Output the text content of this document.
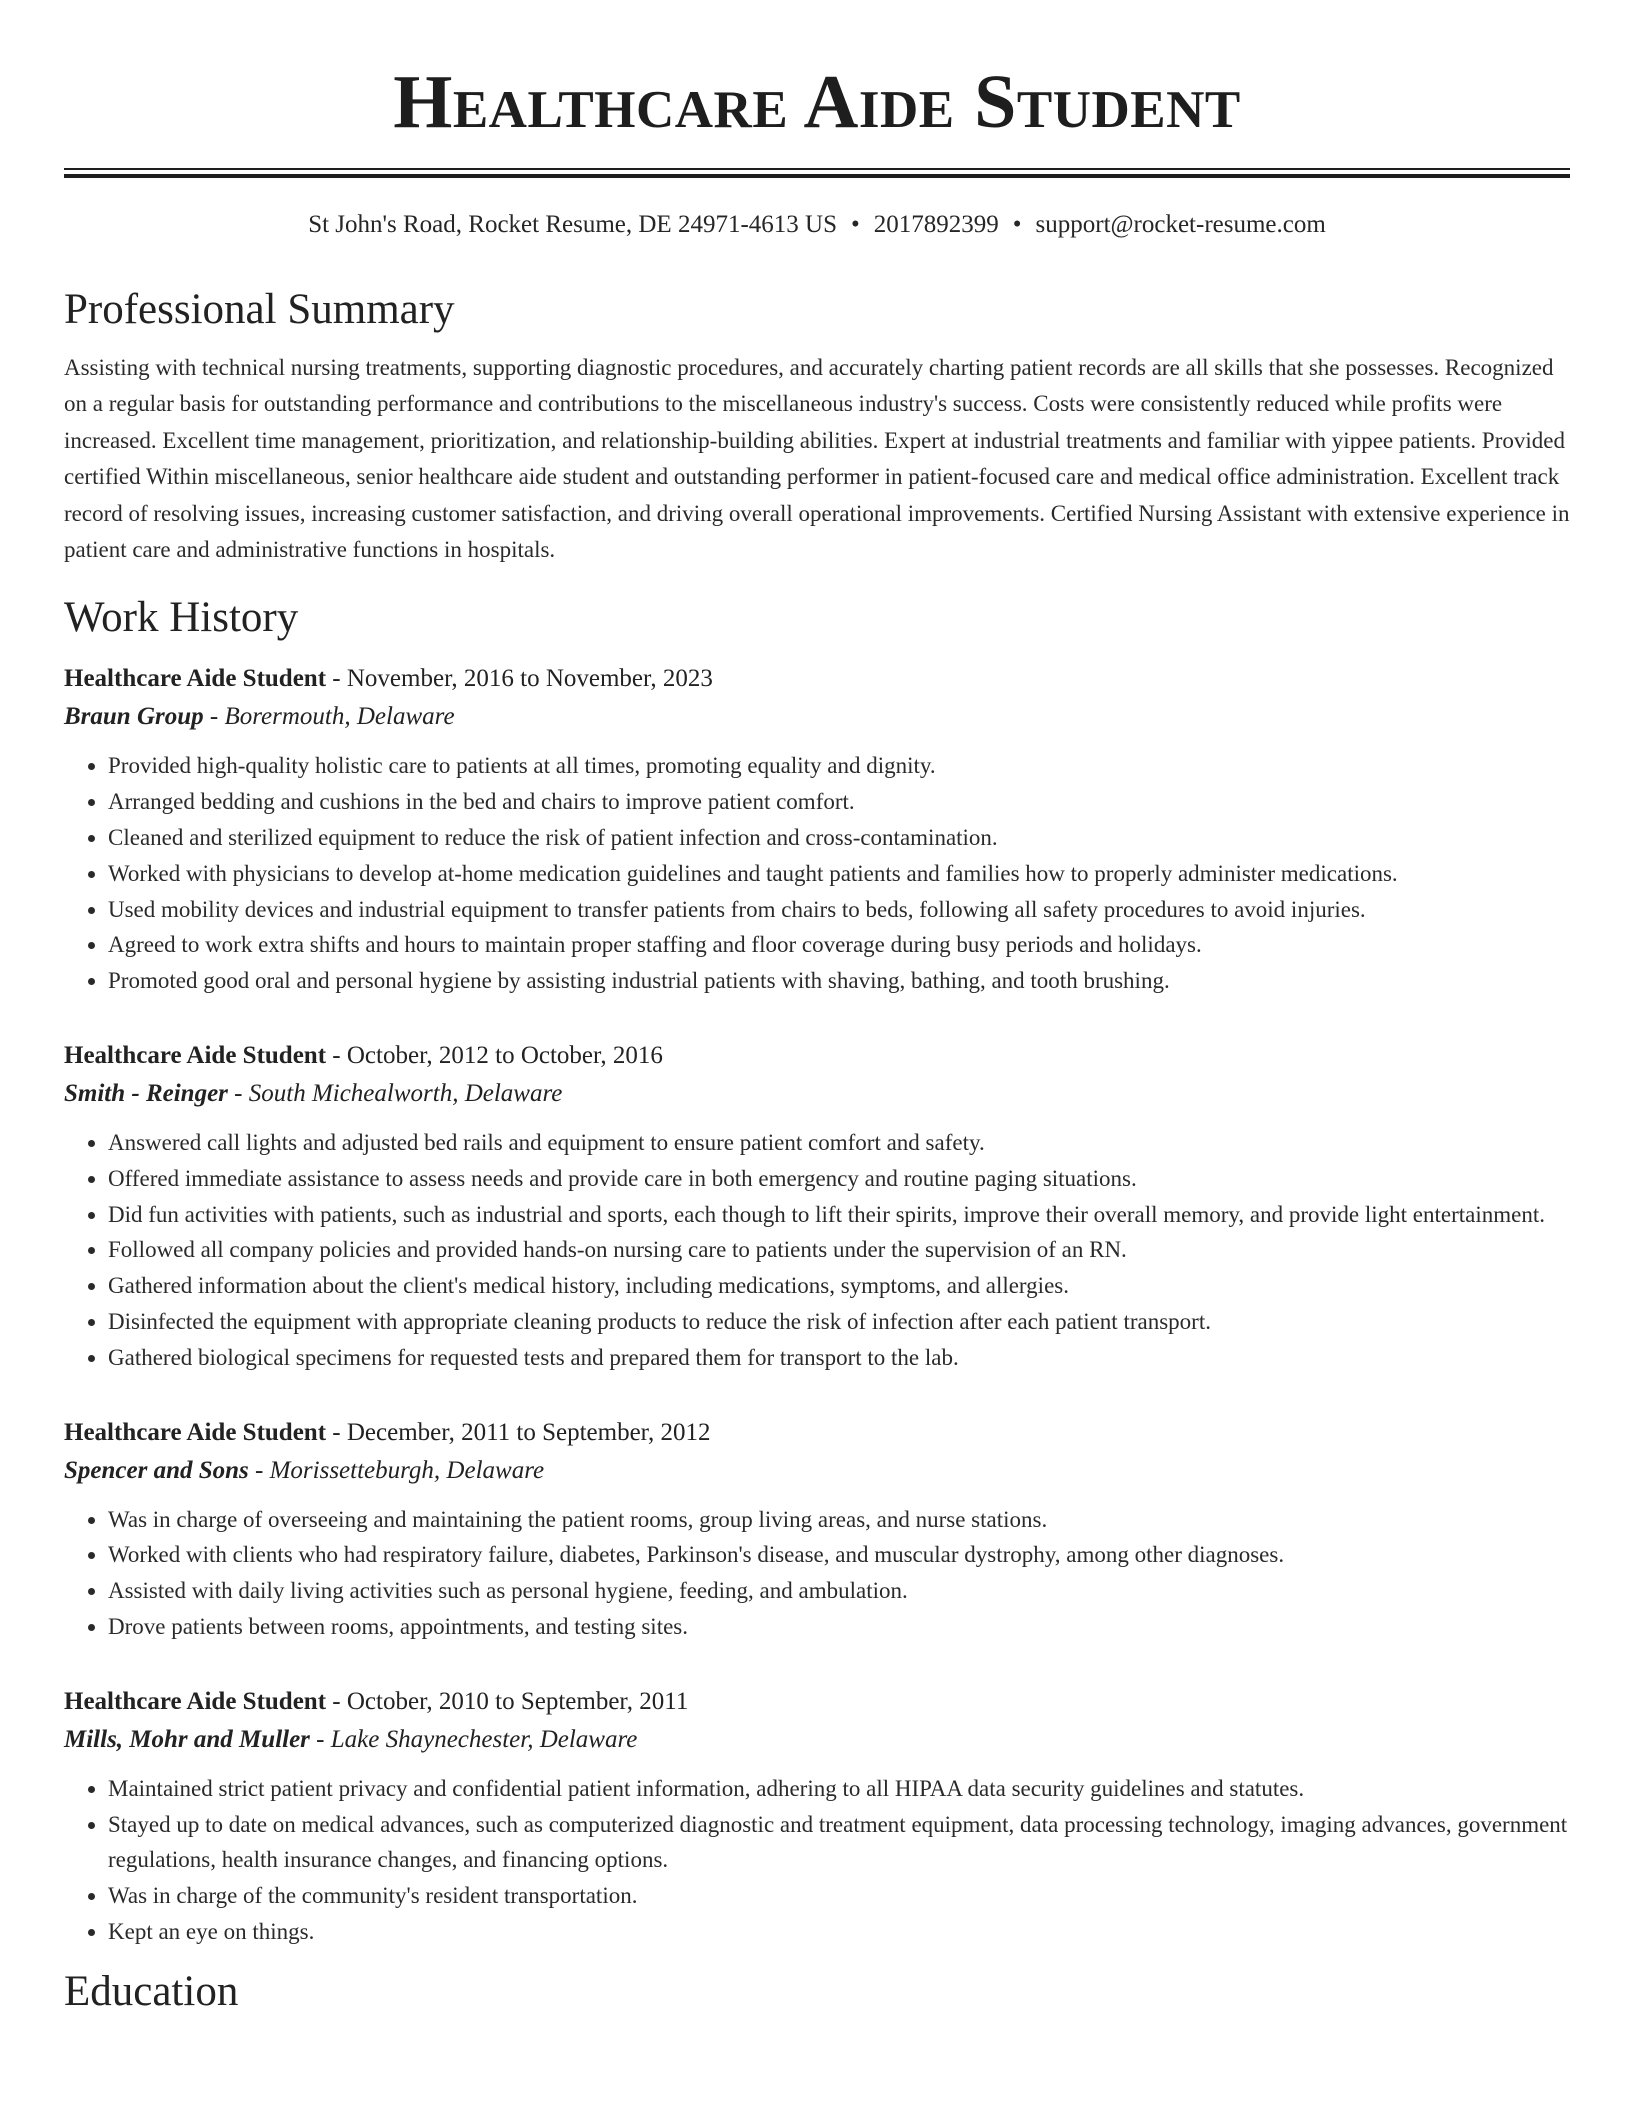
Healthcare Aide Student
St John's Road, Rocket Resume, DE 24971-4613 US • 2017892399 • support@rocket-resume.com
Professional Summary
Assisting with technical nursing treatments, supporting diagnostic procedures, and accurately charting patient records are all skills that she possesses. Recognized on a regular basis for outstanding performance and contributions to the miscellaneous industry's success. Costs were consistently reduced while profits were increased. Excellent time management, prioritization, and relationship-building abilities. Expert at industrial treatments and familiar with yippee patients. Provided certified Within miscellaneous, senior healthcare aide student and outstanding performer in patient-focused care and medical office administration. Excellent track record of resolving issues, increasing customer satisfaction, and driving overall operational improvements. Certified Nursing Assistant with extensive experience in patient care and administrative functions in hospitals.
Work History
Healthcare Aide Student - November, 2016 to November, 2023
Braun Group - Borermouth, Delaware
• Provided high-quality holistic care to patients at all times, promoting equality and dignity.
• Arranged bedding and cushions in the bed and chairs to improve patient comfort.
• Cleaned and sterilized equipment to reduce the risk of patient infection and cross-contamination.
• Worked with physicians to develop at-home medication guidelines and taught patients and families how to properly administer medications.
• Used mobility devices and industrial equipment to transfer patients from chairs to beds, following all safety procedures to avoid injuries.
• Agreed to work extra shifts and hours to maintain proper staffing and floor coverage during busy periods and holidays.
• Promoted good oral and personal hygiene by assisting industrial patients with shaving, bathing, and tooth brushing.
Healthcare Aide Student - October, 2012 to October, 2016
Smith - Reinger - South Michealworth, Delaware
• Answered call lights and adjusted bed rails and equipment to ensure patient comfort and safety.
• Offered immediate assistance to assess needs and provide care in both emergency and routine paging situations.
• Did fun activities with patients, such as industrial and sports, each though to lift their spirits, improve their overall memory, and provide light entertainment.
• Followed all company policies and provided hands-on nursing care to patients under the supervision of an RN.
• Gathered information about the client's medical history, including medications, symptoms, and allergies.
• Disinfected the equipment with appropriate cleaning products to reduce the risk of infection after each patient transport.
• Gathered biological specimens for requested tests and prepared them for transport to the lab.
Healthcare Aide Student - December, 2011 to September, 2012
Spencer and Sons - Morissetteburgh, Delaware
• Was in charge of overseeing and maintaining the patient rooms, group living areas, and nurse stations.
• Worked with clients who had respiratory failure, diabetes, Parkinson's disease, and muscular dystrophy, among other diagnoses.
• Assisted with daily living activities such as personal hygiene, feeding, and ambulation.
• Drove patients between rooms, appointments, and testing sites.
Healthcare Aide Student - October, 2010 to September, 2011
Mills, Mohr and Muller - Lake Shaynechester, Delaware
• Maintained strict patient privacy and confidential patient information, adhering to all HIPAA data security guidelines and statutes.
• Stayed up to date on medical advances, such as computerized diagnostic and treatment equipment, data processing technology, imaging advances, government regulations, health insurance changes, and financing options.
• Was in charge of the community's resident transportation.
• Kept an eye on things.
Education
